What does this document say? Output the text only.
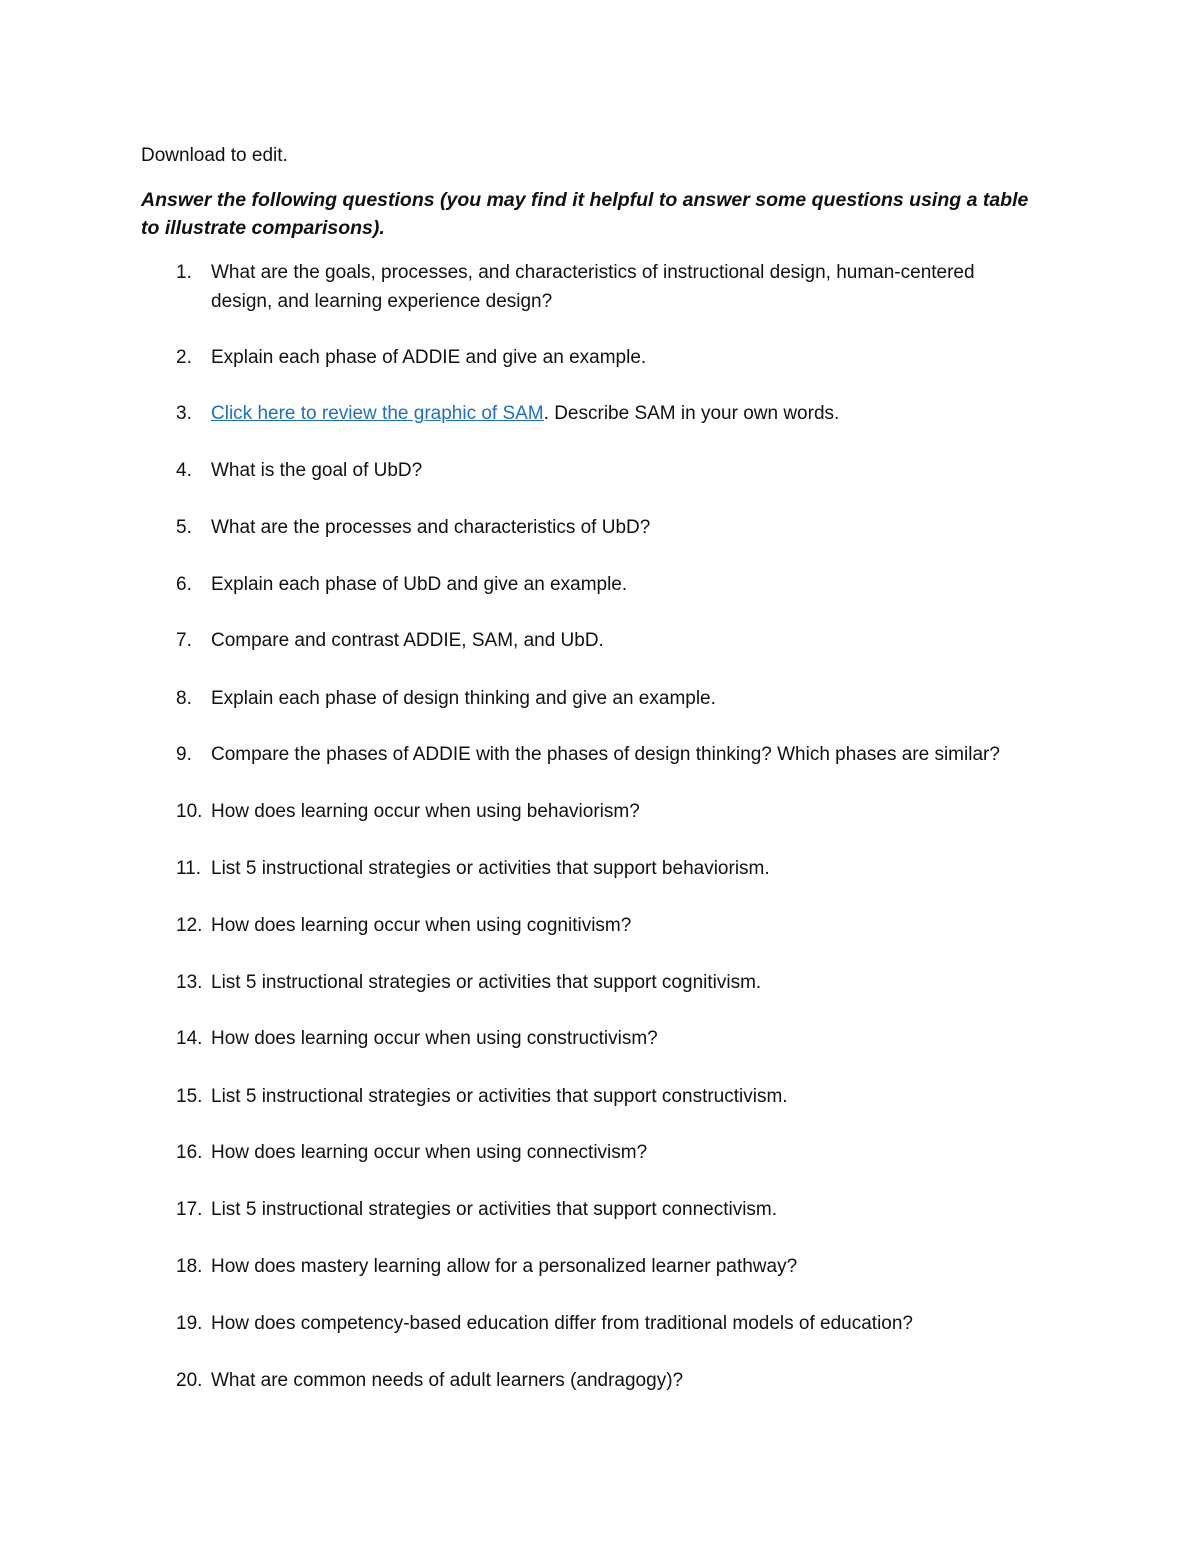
Download to edit.
Answer the following questions (you may find it helpful to answer some questions using a table to illustrate comparisons).
1. What are the goals, processes, and characteristics of instructional design, human-centered design, and learning experience design?
2. Explain each phase of ADDIE and give an example.
3. Click here to review the graphic of SAM. Describe SAM in your own words.
4. What is the goal of UbD?
5. What are the processes and characteristics of UbD?
6. Explain each phase of UbD and give an example.
7. Compare and contrast ADDIE, SAM, and UbD.
8. Explain each phase of design thinking and give an example.
9. Compare the phases of ADDIE with the phases of design thinking? Which phases are similar?
10. How does learning occur when using behaviorism?
11. List 5 instructional strategies or activities that support behaviorism.
12. How does learning occur when using cognitivism?
13. List 5 instructional strategies or activities that support cognitivism.
14. How does learning occur when using constructivism?
15. List 5 instructional strategies or activities that support constructivism.
16. How does learning occur when using connectivism?
17. List 5 instructional strategies or activities that support connectivism.
18. How does mastery learning allow for a personalized learner pathway?
19. How does competency-based education differ from traditional models of education?
20. What are common needs of adult learners (andragogy)?
